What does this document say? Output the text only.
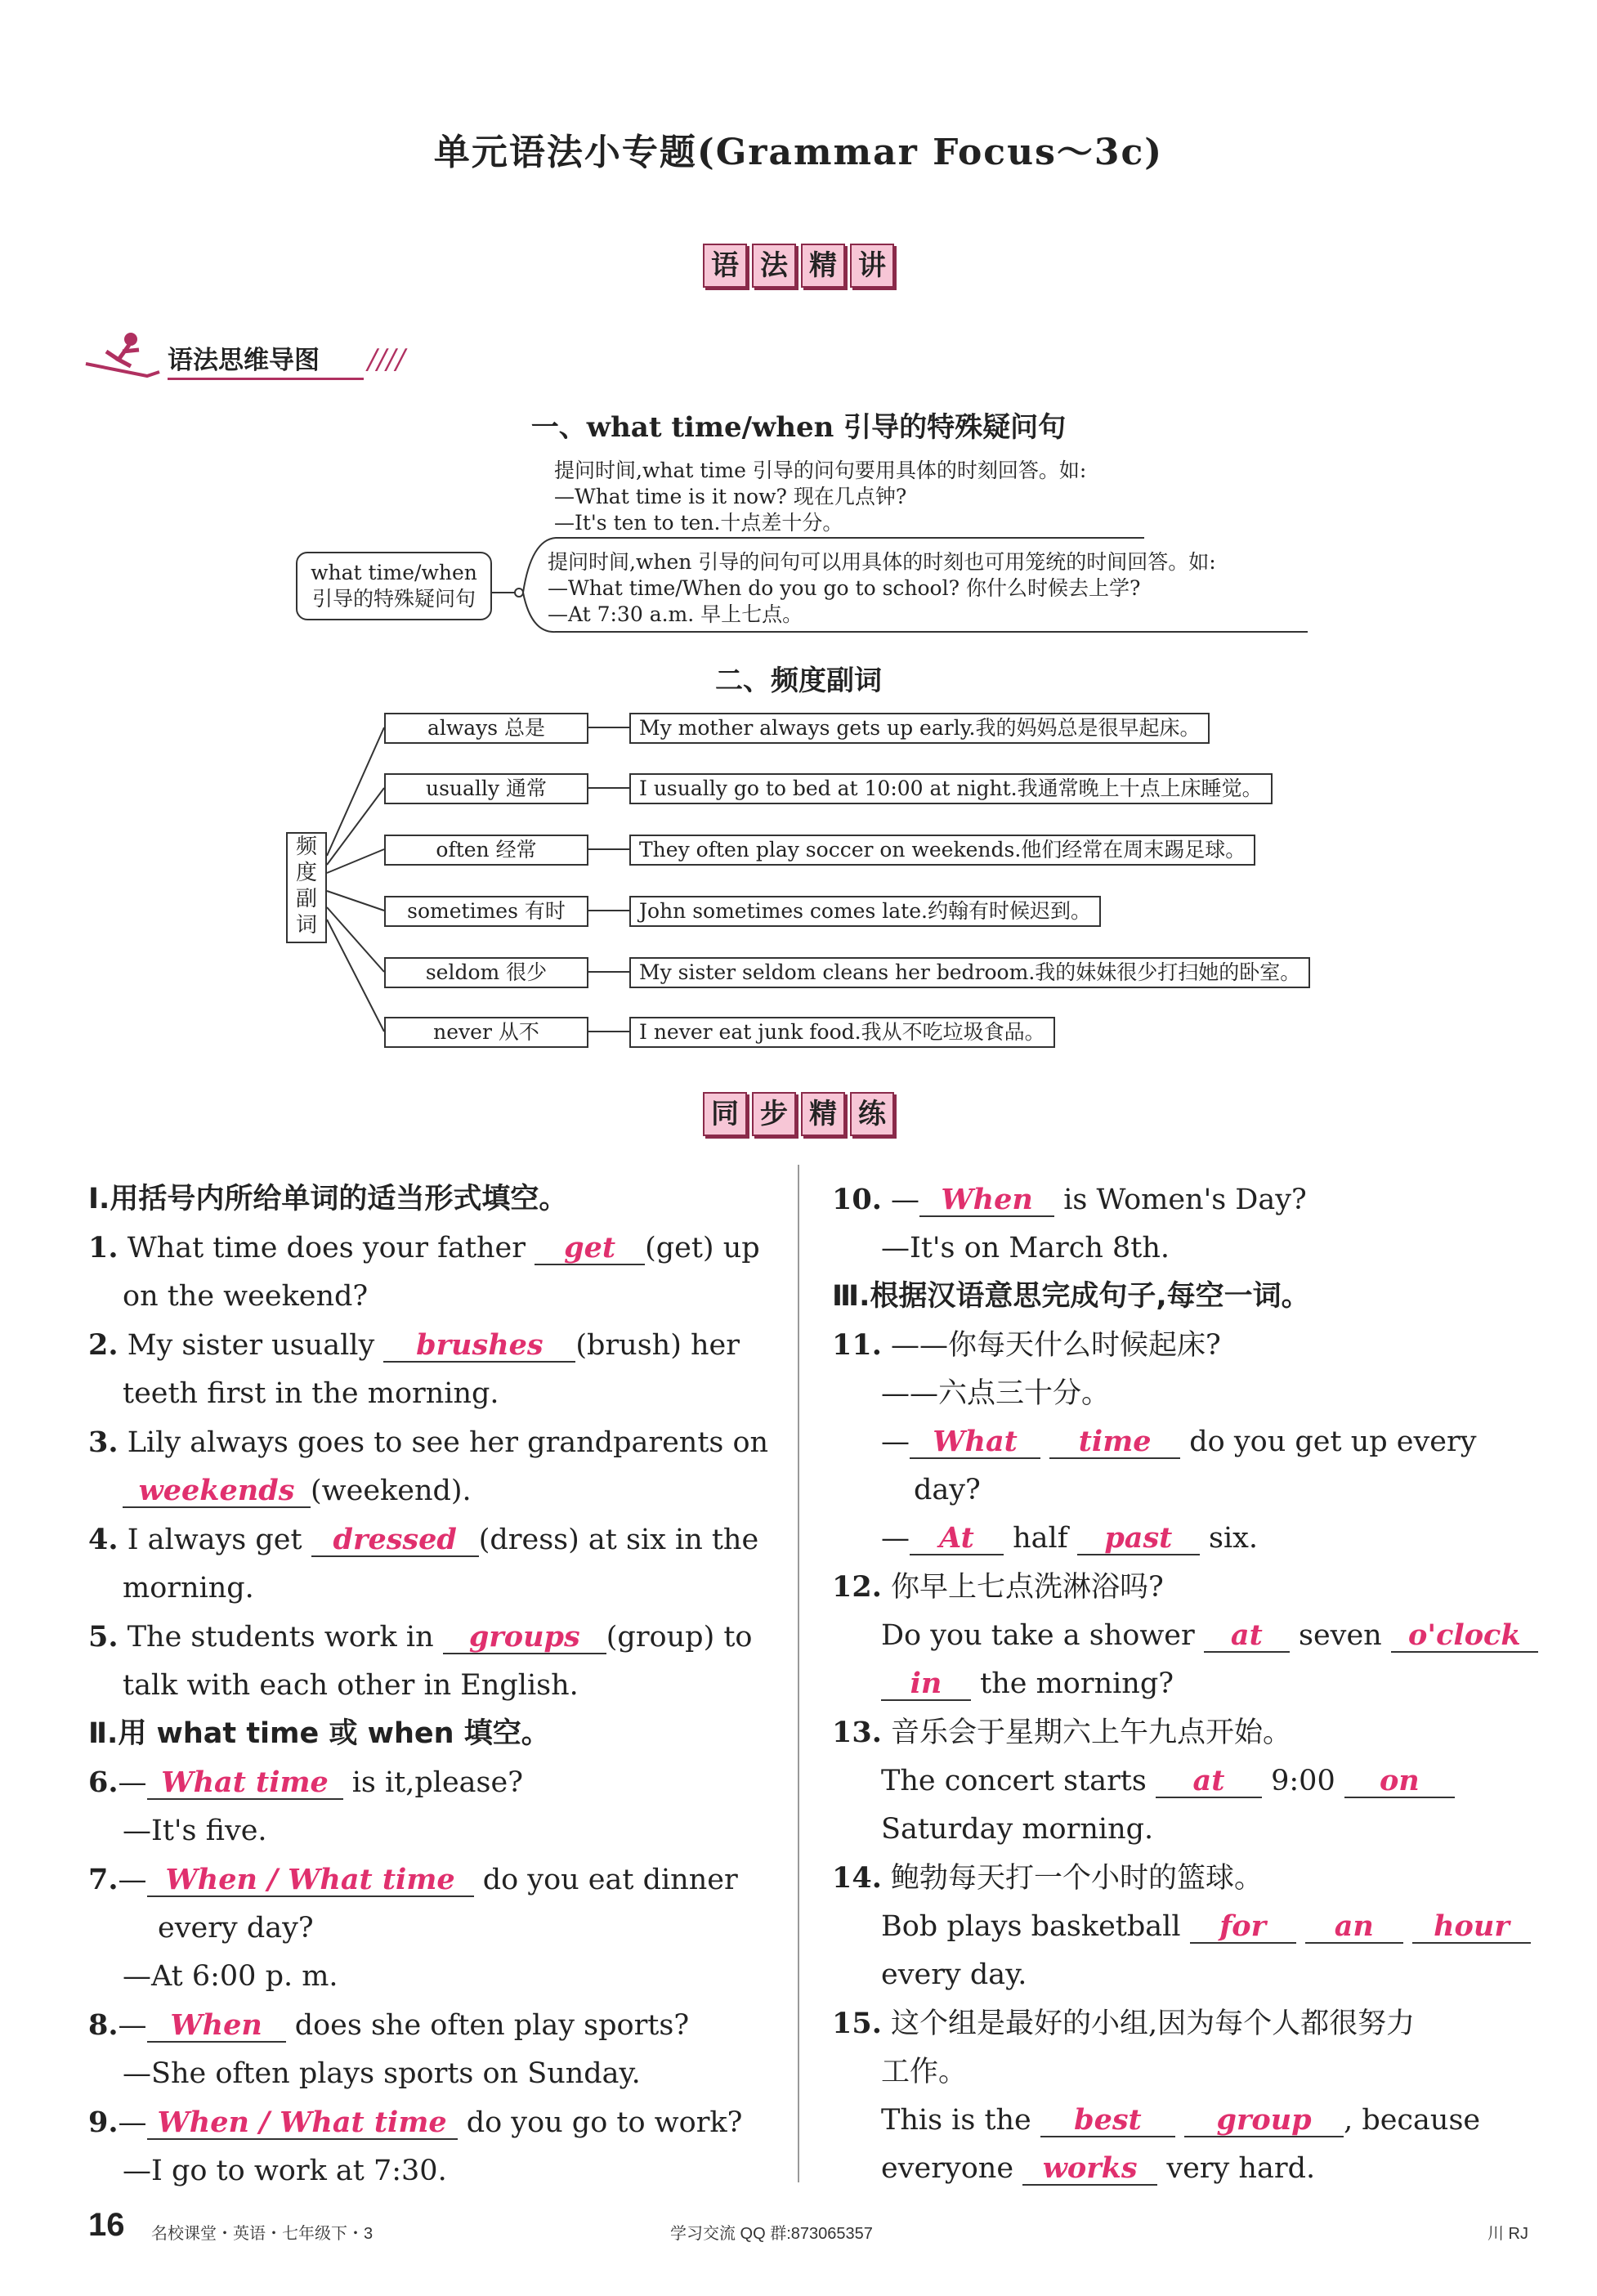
单元语法小专题(Grammar Focus～3c)
语 法 精 讲
语法思维导图 ////
一、what time/when 引导的特殊疑问句
提问时间,what time 引导的问句要用具体的时刻回答。如:
—What time is it now? 现在几点钟?
—It's ten to ten.十点差十分。
what time/when
引导的特殊疑问句
提问时间,when 引导的问句可以用具体的时刻也可用笼统的时间回答。如:
—What time/When do you go to school? 你什么时候去上学?
—At 7:30 a.m. 早上七点。
二、频度副词
频
度
副
词
always 总是	My mother always gets up early.我的妈妈总是很早起床。
usually 通常	I usually go to bed at 10:00 at night.我通常晚上十点上床睡觉。
often 经常	They often play soccer on weekends.他们经常在周末踢足球。
sometimes 有时	John sometimes comes late.约翰有时候迟到。
seldom 很少	My sister seldom cleans her bedroom.我的妹妹很少打扫她的卧室。
never 从不	I never eat junk food.我从不吃垃圾食品。
同 步 精 练
Ⅰ.用括号内所给单词的适当形式填空。
1. What time does your father get (get) up
on the weekend?
2. My sister usually brushes (brush) her
teeth first in the morning.
3. Lily always goes to see her grandparents on
weekends (weekend).
4. I always get dressed (dress) at six in the
morning.
5. The students work in groups (group) to
talk with each other in English.
Ⅱ.用 what time 或 when 填空。
6.— What time is it,please?
—It's five.
7.— When / What time do you eat dinner
every day?
—At 6:00 p. m.
8.— When does she often play sports?
—She often plays sports on Sunday.
9.— When / What time do you go to work?
—I go to work at 7:30.
10. — When is Women's Day?
—It's on March 8th.
Ⅲ.根据汉语意思完成句子,每空一词。
11. ——你每天什么时候起床?
——六点三十分。
— What time do you get up every
day?
— At half past six.
12. 你早上七点洗淋浴吗?
Do you take a shower at seven o'clock
in the morning?
13. 音乐会于星期六上午九点开始。
The concert starts at 9:00 on
Saturday morning.
14. 鲍勃每天打一个小时的篮球。
Bob plays basketball for an hour
every day.
15. 这个组是最好的小组,因为每个人都很努力
工作。
This is the best	group , because
everyone works very hard.
16 名校课堂・英语・七年级下・3	学习交流 QQ 群:873065357	川 RJ
